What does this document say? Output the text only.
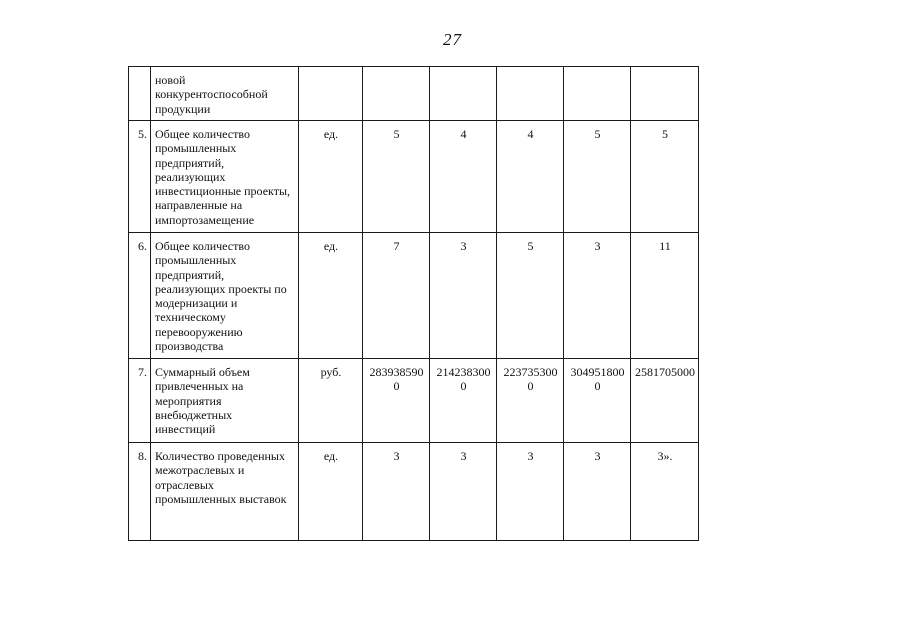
27
	новой конкурентоспособной продукции						
5.	Общее количество промышленных предприятий, реализующих инвестиционные проекты, направленные на импортозамещение	ед.	5	4	4	5	5
6.	Общее количество промышленных предприятий, реализующих проекты по модернизации и техническому перевооружению производства	ед.	7	3	5	3	11
7.	Суммарный объем привлеченных на мероприятия внебюджетных инвестиций	руб.	2839385900	2142383000	2237353000	3049518000	2581705000
8.	Количество проведенных межотраслевых и отраслевых промышленных выставок	ед.	3	3	3	3	3».
